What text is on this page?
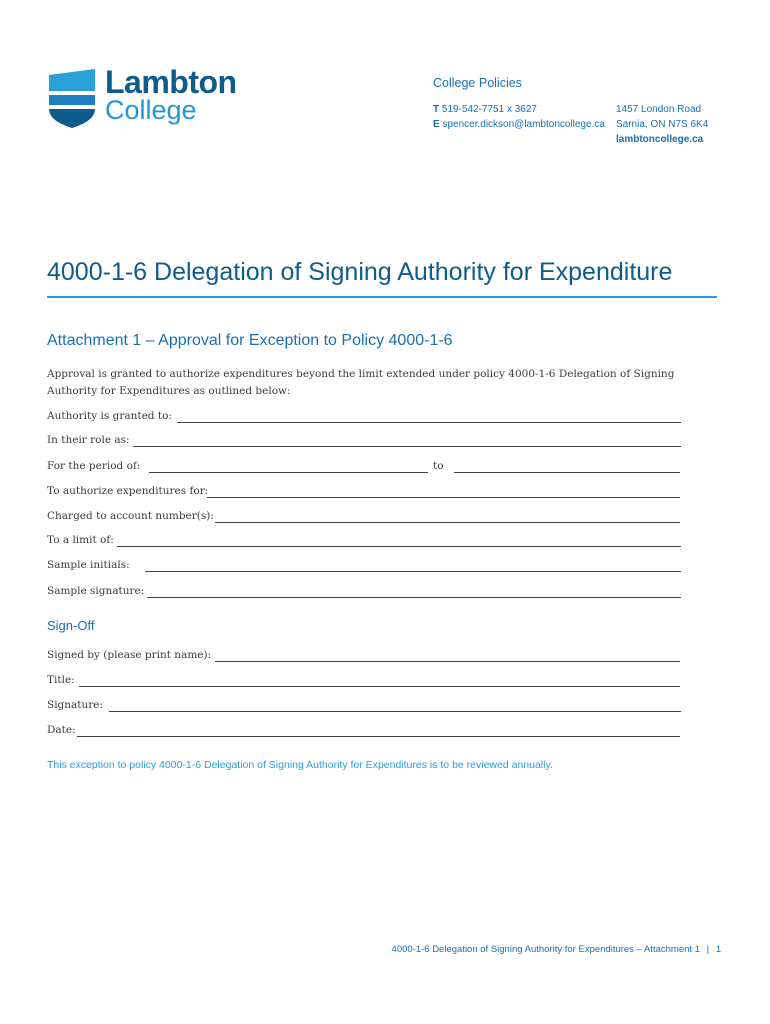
Lambton
College
College Policies
T 519-542-7751 x 3627
E spencer.dickson@lambtoncollege.ca
1457 London Road
Sarnia, ON N7S 6K4
lambtoncollege.ca
4000-1-6 Delegation of Signing Authority for Expenditure
Attachment 1 – Approval for Exception to Policy 4000-1-6
Approval is granted to authorize expenditures beyond the limit extended under policy 4000-1-6 Delegation of Signing Authority for Expenditures as outlined below:
Authority is granted to:
In their role as:
For the period of:	to
To authorize expenditures for:
Charged to account number(s):
To a limit of:
Sample initials:
Sample signature:
Sign-Off
Signed by (please print name):
Title:
Signature:
Date:
This exception to policy 4000-1-6 Delegation of Signing Authority for Expenditures is to be reviewed annually.
4000-1-6 Delegation of Signing Authority for Expenditures – Attachment 1 | 1
